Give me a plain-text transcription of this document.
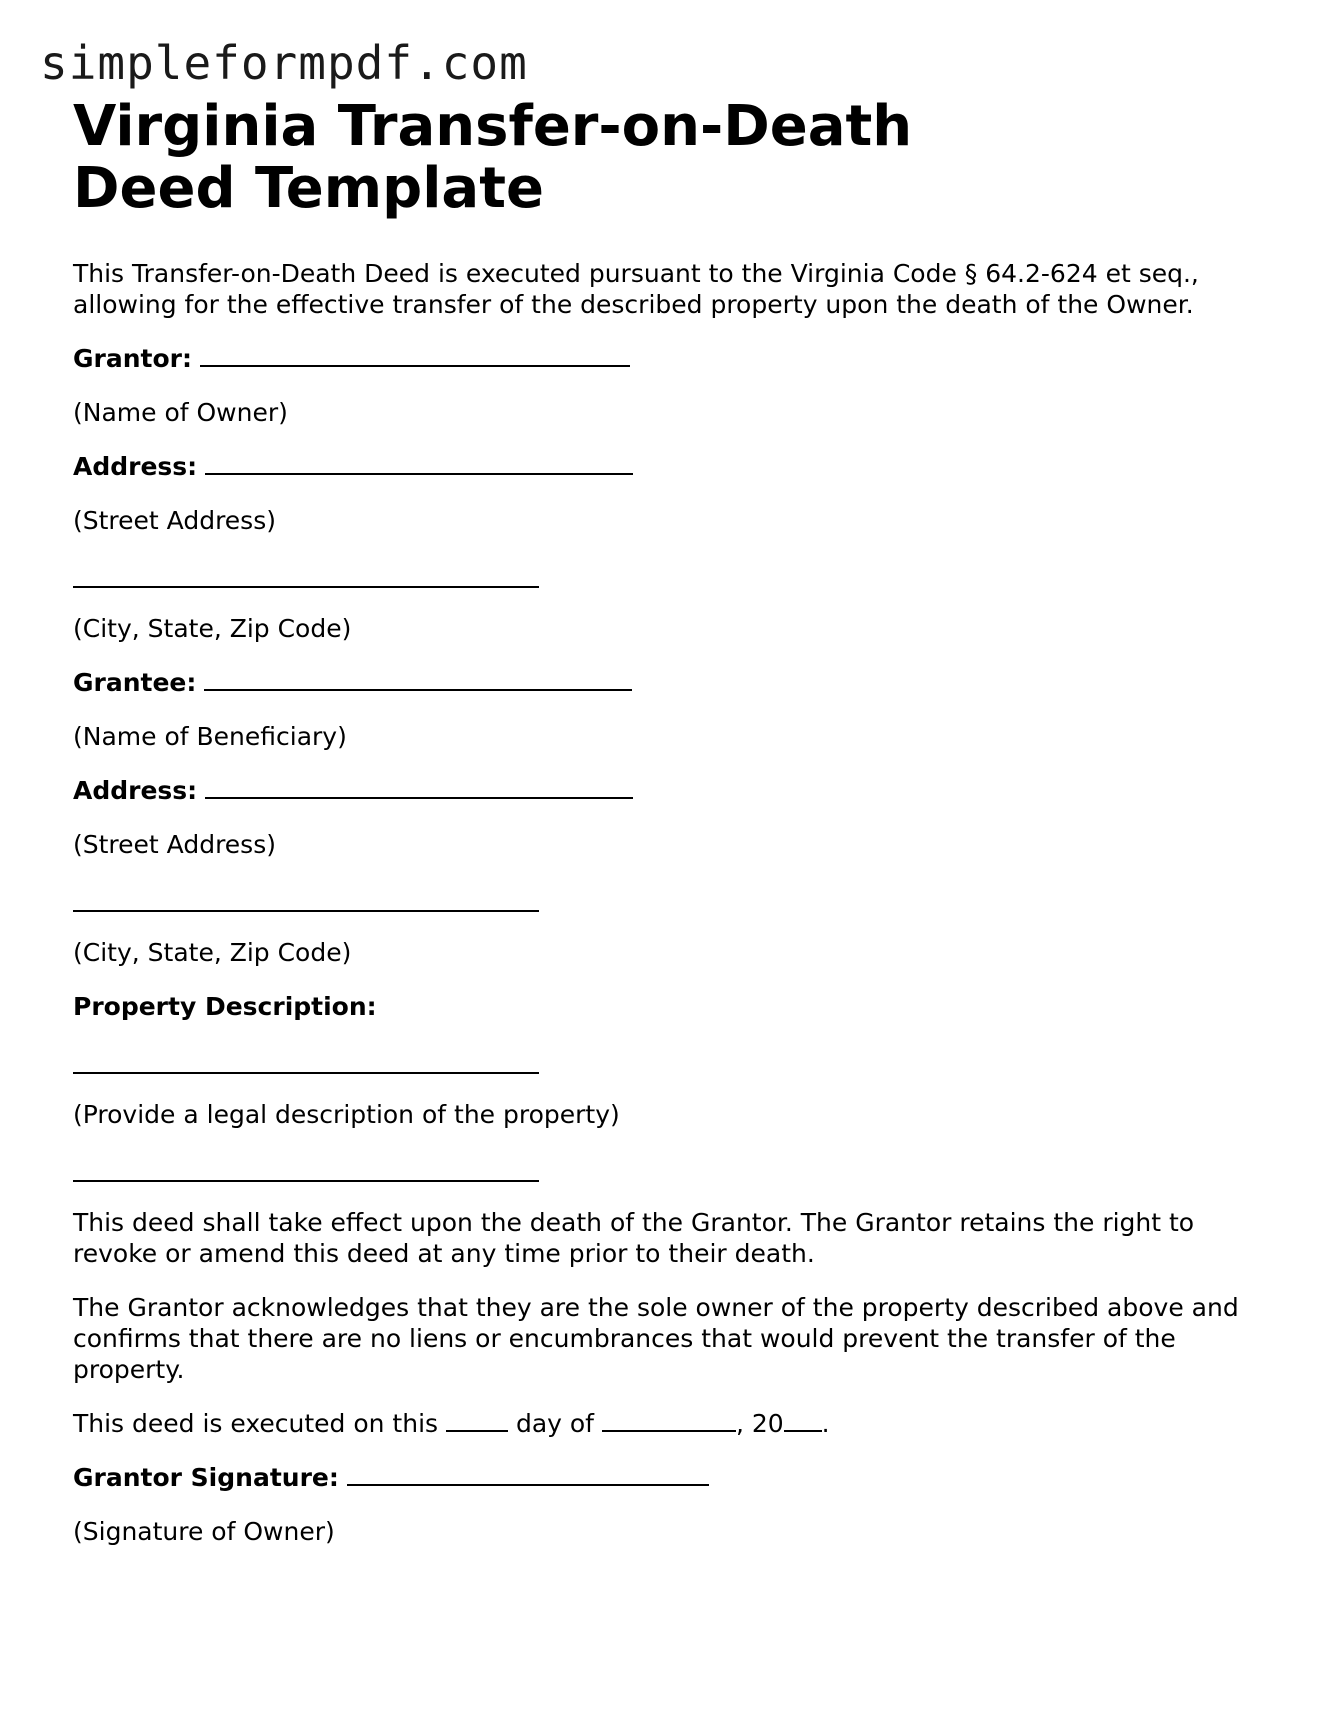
simpleformpdf.com
Virginia Transfer-on-Death Deed Template

This Transfer-on-Death Deed is executed pursuant to the Virginia Code § 64.2-624 et seq., allowing for the effective transfer of the described property upon the death of the Owner.

Grantor:

(Name of Owner)

Address:

(Street Address)

(City, State, Zip Code)

Grantee:

(Name of Beneficiary)

Address:

(Street Address)

(City, State, Zip Code)

Property Description:

(Provide a legal description of the property)

This deed shall take effect upon the death of the Grantor. The Grantor retains the right to revoke or amend this deed at any time prior to their death.

The Grantor acknowledges that they are the sole owner of the property described above and confirms that there are no liens or encumbrances that would prevent the transfer of the property.

This deed is executed on this	day of	, 20 .

Grantor Signature:

(Signature of Owner)
